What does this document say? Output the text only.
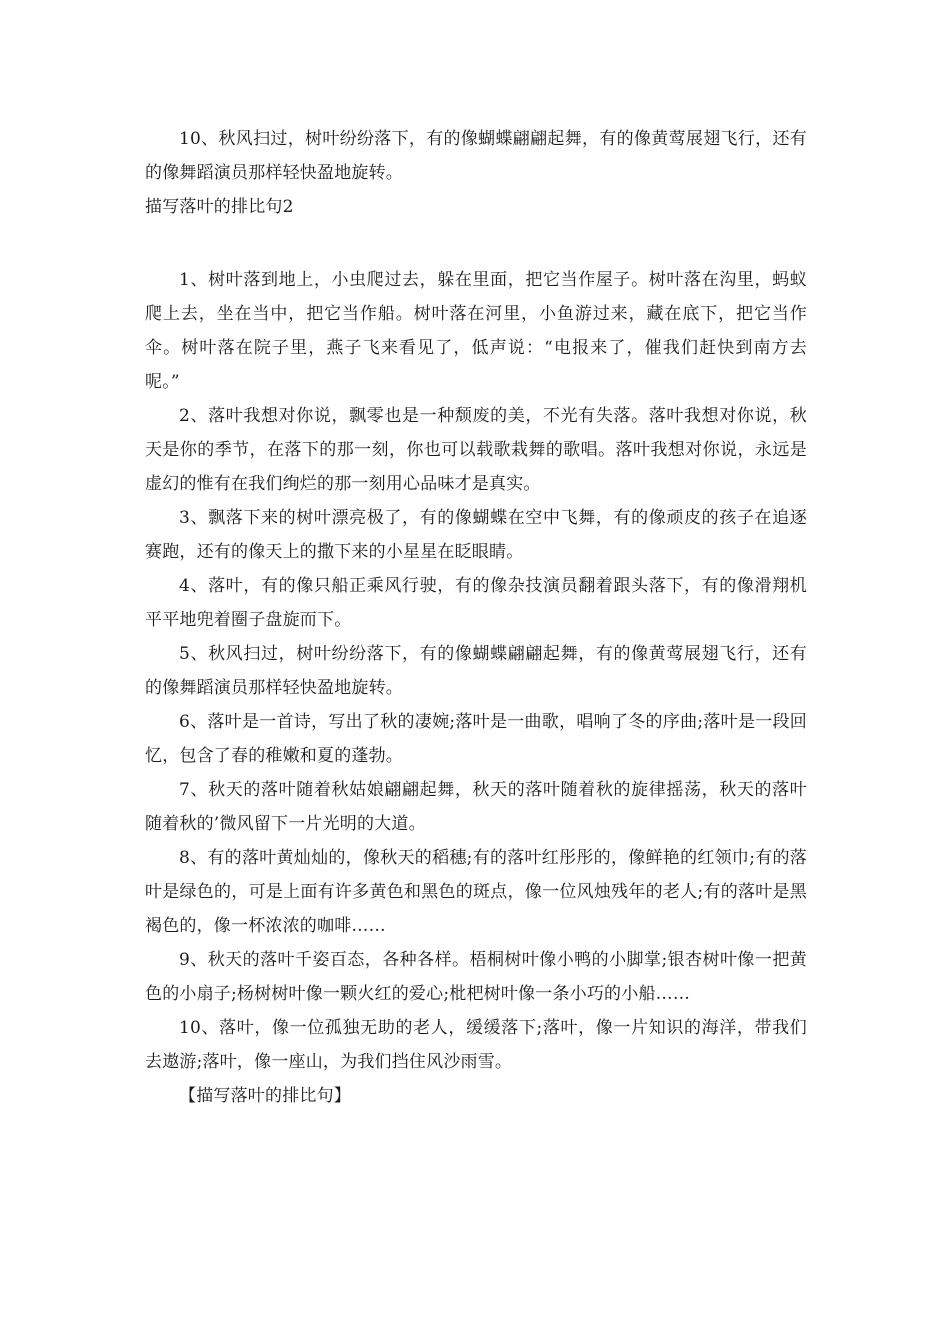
10、秋风扫过，树叶纷纷落下，有的像蝴蝶翩翩起舞，有的像黄莺展翅飞行，还有的像舞蹈演员那样轻快盈地旋转。

描写落叶的排比句2

1、树叶落到地上，小虫爬过去，躲在里面，把它当作屋子。树叶落在沟里，蚂蚁爬上去，坐在当中，把它当作船。树叶落在河里，小鱼游过来，藏在底下，把它当作伞。树叶落在院子里，燕子飞来看见了，低声说：“电报来了，催我们赶快到南方去呢。”

2、落叶我想对你说，飘零也是一种颓废的美，不光有失落。落叶我想对你说，秋天是你的季节，在落下的那一刻，你也可以载歌栽舞的歌唱。落叶我想对你说，永远是虚幻的惟有在我们绚烂的那一刻用心品味才是真实。

3、飘落下来的树叶漂亮极了，有的像蝴蝶在空中飞舞，有的像顽皮的孩子在追逐赛跑，还有的像天上的撒下来的小星星在眨眼睛。

4、落叶，有的像只船正乘风行驶，有的像杂技演员翻着跟头落下，有的像滑翔机平平地兜着圈子盘旋而下。

5、秋风扫过，树叶纷纷落下，有的像蝴蝶翩翩起舞，有的像黄莺展翅飞行，还有的像舞蹈演员那样轻快盈地旋转。

6、落叶是一首诗，写出了秋的凄婉;落叶是一曲歌，唱响了冬的序曲;落叶是一段回忆，包含了春的稚嫩和夏的蓬勃。

7、秋天的落叶随着秋姑娘翩翩起舞，秋天的落叶随着秋的旋律摇荡，秋天的落叶随着秋的’微风留下一片光明的大道。

8、有的落叶黄灿灿的，像秋天的稻穗;有的落叶红彤彤的，像鲜艳的红领巾;有的落叶是绿色的，可是上面有许多黄色和黑色的斑点，像一位风烛残年的老人;有的落叶是黑褐色的，像一杯浓浓的咖啡……

9、秋天的落叶千姿百态，各种各样。梧桐树叶像小鸭的小脚掌;银杏树叶像一把黄色的小扇子;杨树树叶像一颗火红的爱心;枇杷树叶像一条小巧的小船……

10、落叶，像一位孤独无助的老人，缓缓落下;落叶，像一片知识的海洋，带我们去遨游;落叶，像一座山，为我们挡住风沙雨雪。

【描写落叶的排比句】
